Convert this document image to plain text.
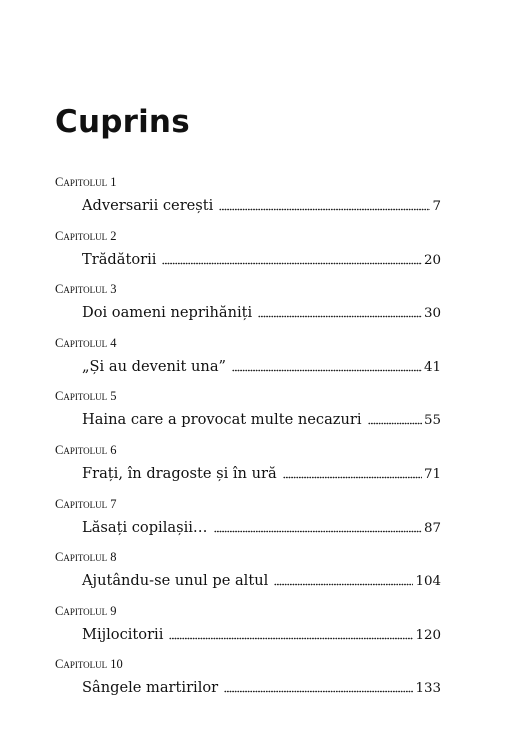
Cuprins
Capitolul 1
Adversarii cerești	7
Capitolul 2
Trădătorii	20
Capitolul 3
Doi oameni neprihăniți	30
Capitolul 4
„Și au devenit una”	41
Capitolul 5
Haina care a provocat multe necazuri	55
Capitolul 6
Frați, în dragoste și în ură	71
Capitolul 7
Lăsați copilașii…	87
Capitolul 8
Ajutându-se unul pe altul	104
Capitolul 9
Mijlocitorii	120
Capitolul 10
Sângele martirilor	133
